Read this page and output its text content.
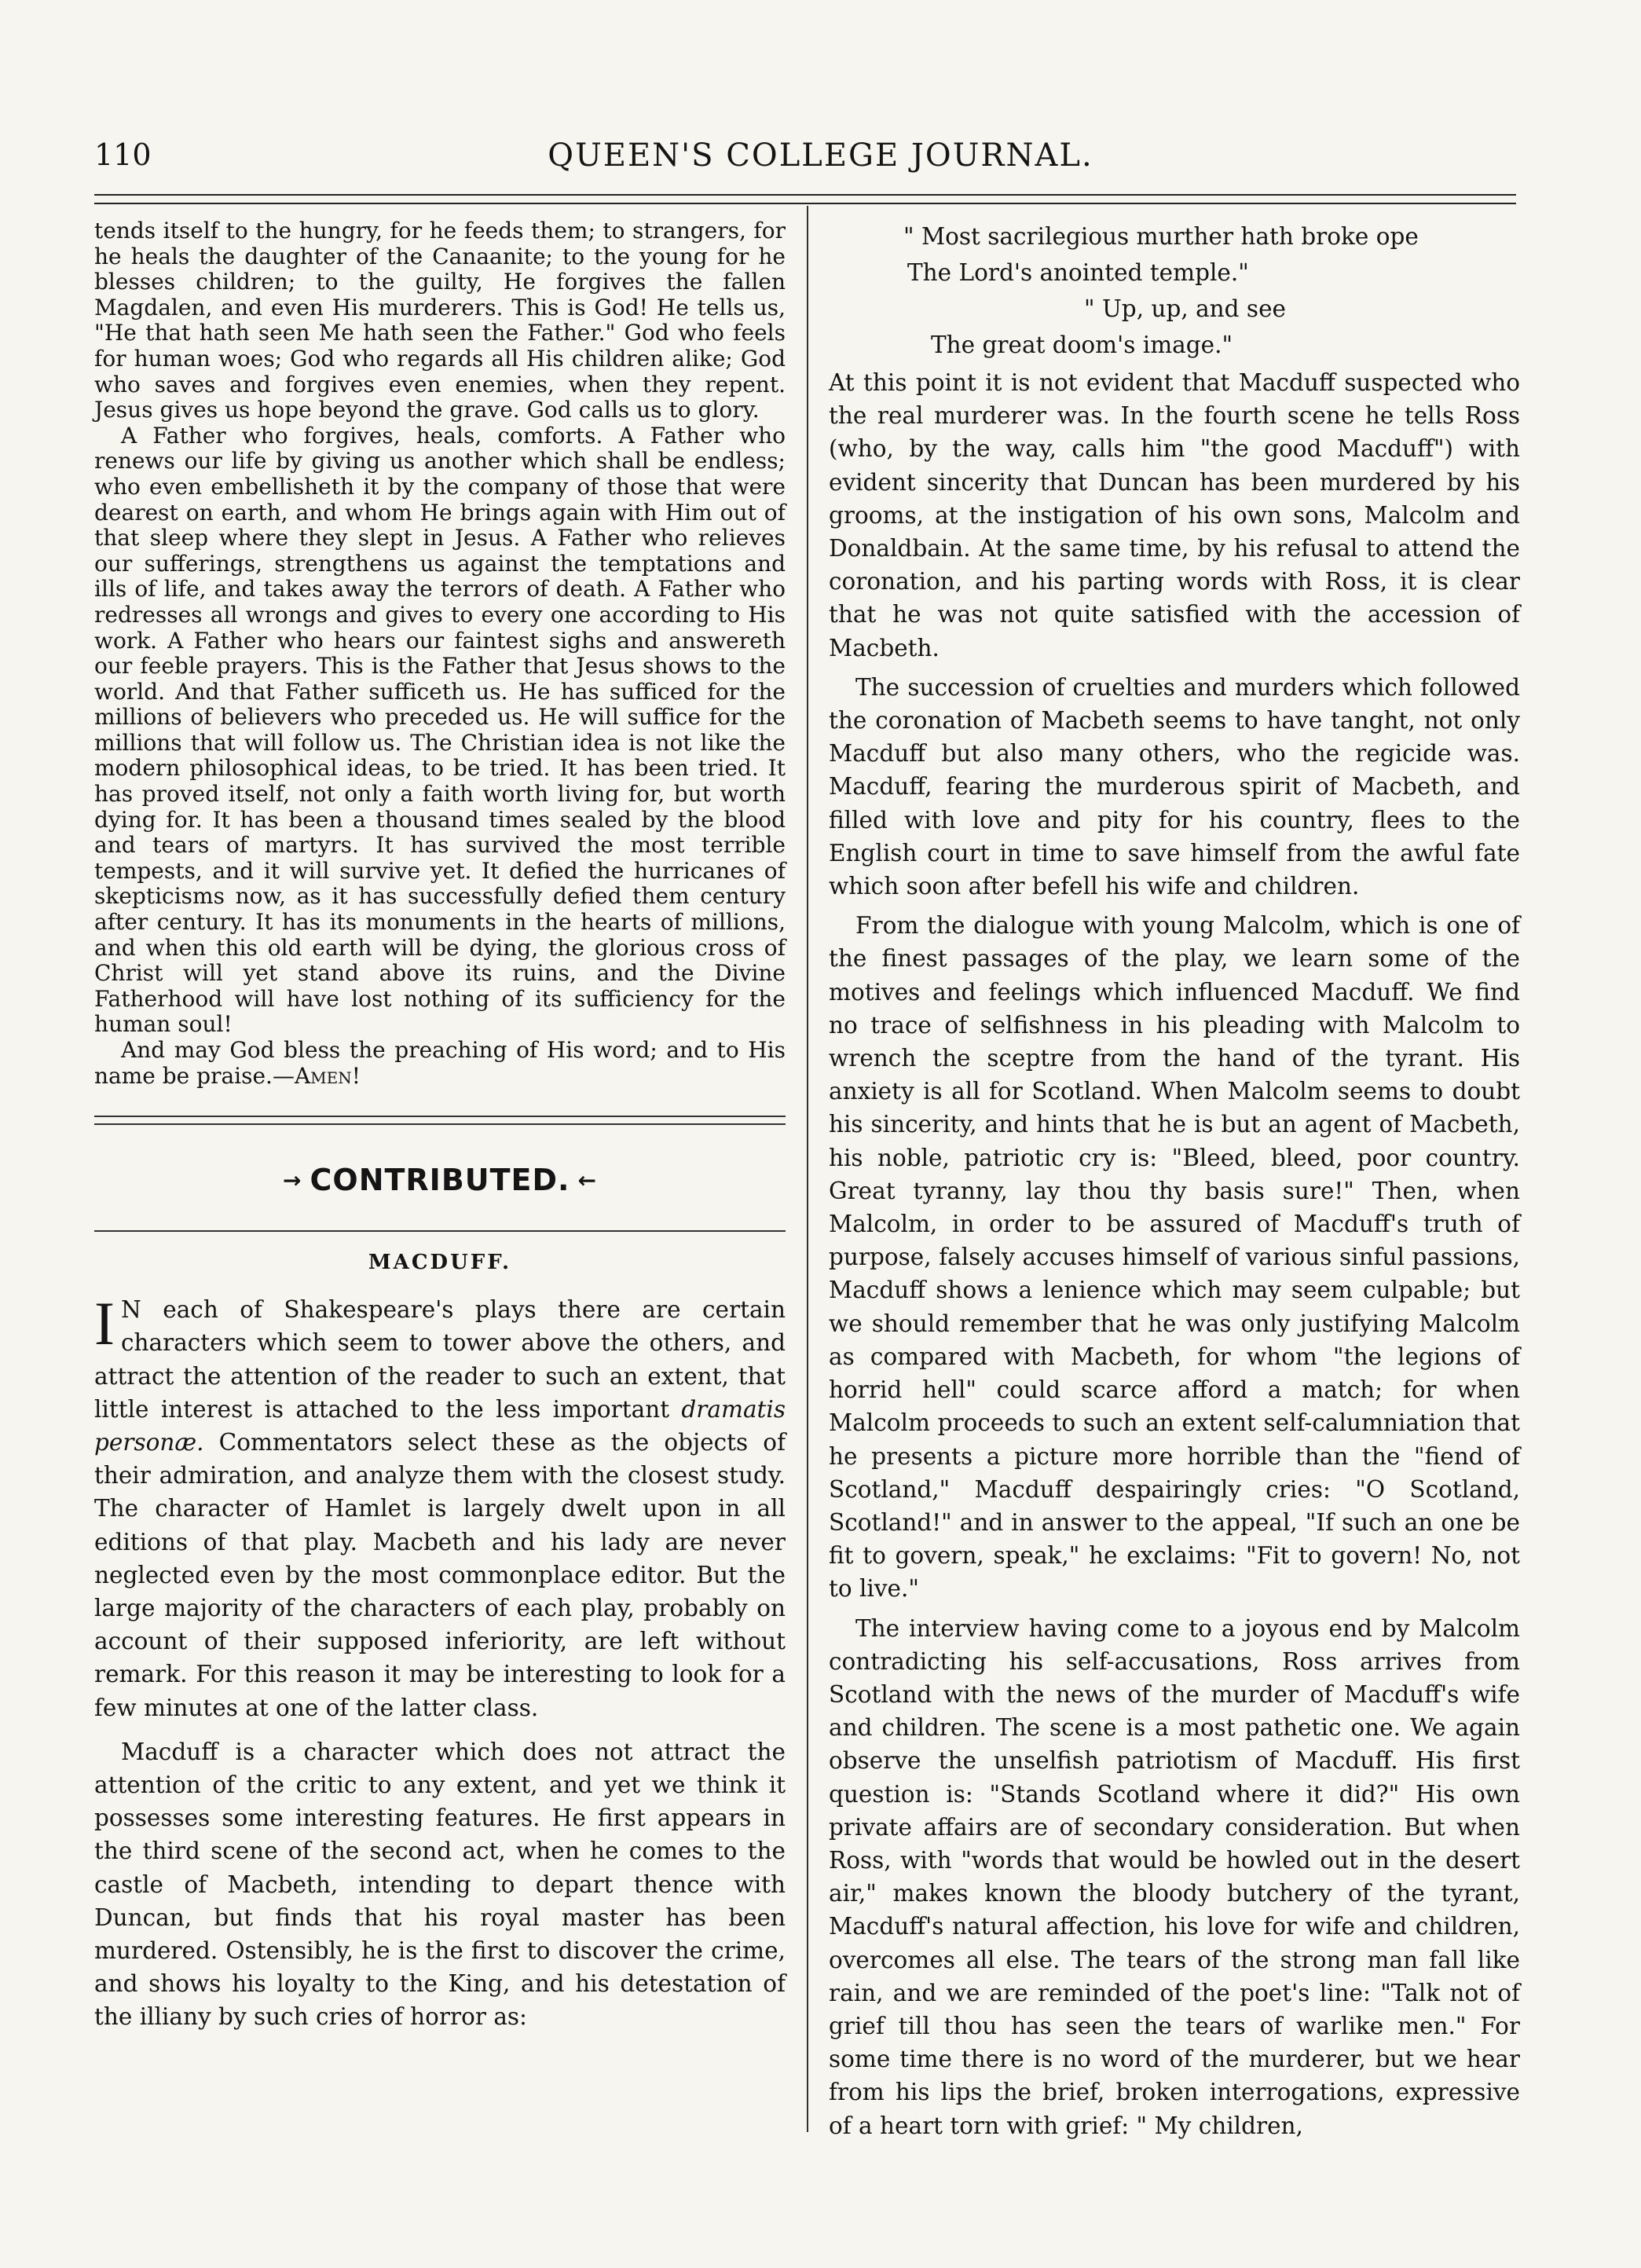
110	QUEEN'S COLLEGE JOURNAL.

tends itself to the hungry, for he feeds them; to strangers, for he heals the daughter of the Canaanite; to the young for he blesses children; to the guilty, He forgives the fallen Magdalen, and even His murderers. This is God! He tells us, "He that hath seen Me hath seen the Father." God who feels for human woes; God who regards all His children alike; God who saves and forgives even enemies, when they repent. Jesus gives us hope beyond the grave. God calls us to glory.

A Father who forgives, heals, comforts. A Father who renews our life by giving us another which shall be endless; who even embellisheth it by the company of those that were dearest on earth, and whom He brings again with Him out of that sleep where they slept in Jesus. A Father who relieves our sufferings, strengthens us against the temptations and ills of life, and takes away the terrors of death. A Father who redresses all wrongs and gives to every one according to His work. A Father who hears our faintest sighs and answereth our feeble prayers. This is the Father that Jesus shows to the world. And that Father sufficeth us. He has sufficed for the millions of believers who preceded us. He will suffice for the millions that will follow us. The Christian idea is not like the modern philosophical ideas, to be tried. It has been tried. It has proved itself, not only a faith worth living for, but worth dying for. It has been a thousand times sealed by the blood and tears of martyrs. It has survived the most terrible tempests, and it will survive yet. It defied the hurricanes of skepticisms now, as it has successfully defied them century after century. It has its monuments in the hearts of millions, and when this old earth will be dying, the glorious cross of Christ will yet stand above its ruins, and the Divine Fatherhood will have lost nothing of its sufficiency for the human soul!

And may God bless the preaching of His word; and to His name be praise.—Amen!

→ CONTRIBUTED. ←
MACDUFF.
I N each of Shakespeare's plays there are certain characters which seem to tower above the others, and attract the attention of the reader to such an extent, that little interest is attached to the less important dramatis personæ. Commentators select these as the objects of their admiration, and analyze them with the closest study. The character of Hamlet is largely dwelt upon in all editions of that play. Macbeth and his lady are never neglected even by the most commonplace editor. But the large majority of the characters of each play, probably on account of their supposed inferiority, are left without remark. For this reason it may be interesting to look for a few minutes at one of the latter class.

Macduff is a character which does not attract the attention of the critic to any extent, and yet we think it possesses some interesting features. He first appears in the third scene of the second act, when he comes to the castle of Macbeth, intending to depart thence with Duncan, but finds that his royal master has been murdered. Ostensibly, he is the first to discover the crime, and shows his loyalty to the King, and his detestation of the illiany by such cries of horror as:

" Most sacrilegious murther hath broke ope
The Lord's anointed temple."
" Up, up, and see
The great doom's image."

At this point it is not evident that Macduff suspected who the real murderer was. In the fourth scene he tells Ross (who, by the way, calls him "the good Macduff") with evident sincerity that Duncan has been murdered by his grooms, at the instigation of his own sons, Malcolm and Donaldbain. At the same time, by his refusal to attend the coronation, and his parting words with Ross, it is clear that he was not quite satisfied with the accession of Macbeth.

The succession of cruelties and murders which followed the coronation of Macbeth seems to have tanght, not only Macduff but also many others, who the regicide was. Macduff, fearing the murderous spirit of Macbeth, and filled with love and pity for his country, flees to the English court in time to save himself from the awful fate which soon after befell his wife and children.

From the dialogue with young Malcolm, which is one of the finest passages of the play, we learn some of the motives and feelings which influenced Macduff. We find no trace of selfishness in his pleading with Malcolm to wrench the sceptre from the hand of the tyrant. His anxiety is all for Scotland. When Malcolm seems to doubt his sincerity, and hints that he is but an agent of Macbeth, his noble, patriotic cry is: "Bleed, bleed, poor country. Great tyranny, lay thou thy basis sure!" Then, when Malcolm, in order to be assured of Macduff's truth of purpose, falsely accuses himself of various sinful passions, Macduff shows a lenience which may seem culpable; but we should remember that he was only justifying Malcolm as compared with Macbeth, for whom "the legions of horrid hell" could scarce afford a match; for when Malcolm proceeds to such an extent self-calumniation that he presents a picture more horrible than the "fiend of Scotland," Macduff despairingly cries: "O Scotland, Scotland!" and in answer to the appeal, "If such an one be fit to govern, speak," he exclaims: "Fit to govern! No, not to live."

The interview having come to a joyous end by Malcolm contradicting his self-accusations, Ross arrives from Scotland with the news of the murder of Macduff's wife and children. The scene is a most pathetic one. We again observe the unselfish patriotism of Macduff. His first question is: "Stands Scotland where it did?" His own private affairs are of secondary consideration. But when Ross, with "words that would be howled out in the desert air," makes known the bloody butchery of the tyrant, Macduff's natural affection, his love for wife and children, overcomes all else. The tears of the strong man fall like rain, and we are reminded of the poet's line: "Talk not of grief till thou has seen the tears of warlike men." For some time there is no word of the murderer, but we hear from his lips the brief, broken interrogations, expressive of a heart torn with grief: " My children,
